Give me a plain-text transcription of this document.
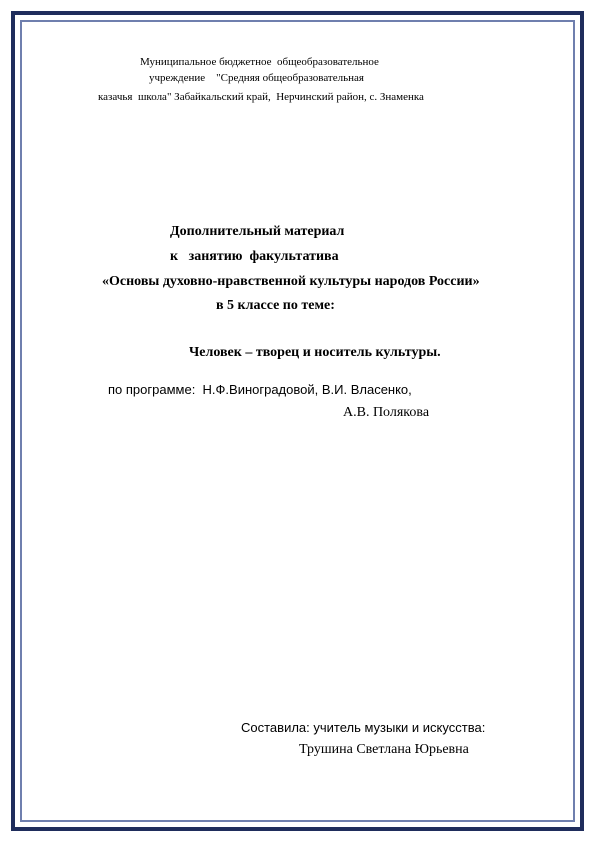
Муниципальное бюджетное  общеобразовательное
учреждение    "Средняя общеобразовательная
казачья  школа" Забайкальский край,  Нерчинский район, с. Знаменка
Дополнительный материал
к   занятию  факультатива
«Основы духовно-нравственной культуры народов России»
в 5 классе по теме:
Человек – творец и носитель культуры.
по программе:  Н.Ф.Виноградовой, В.И. Власенко,
А.В. Полякова
Составила: учитель музыки и искусства:
Трушина Светлана Юрьевна
